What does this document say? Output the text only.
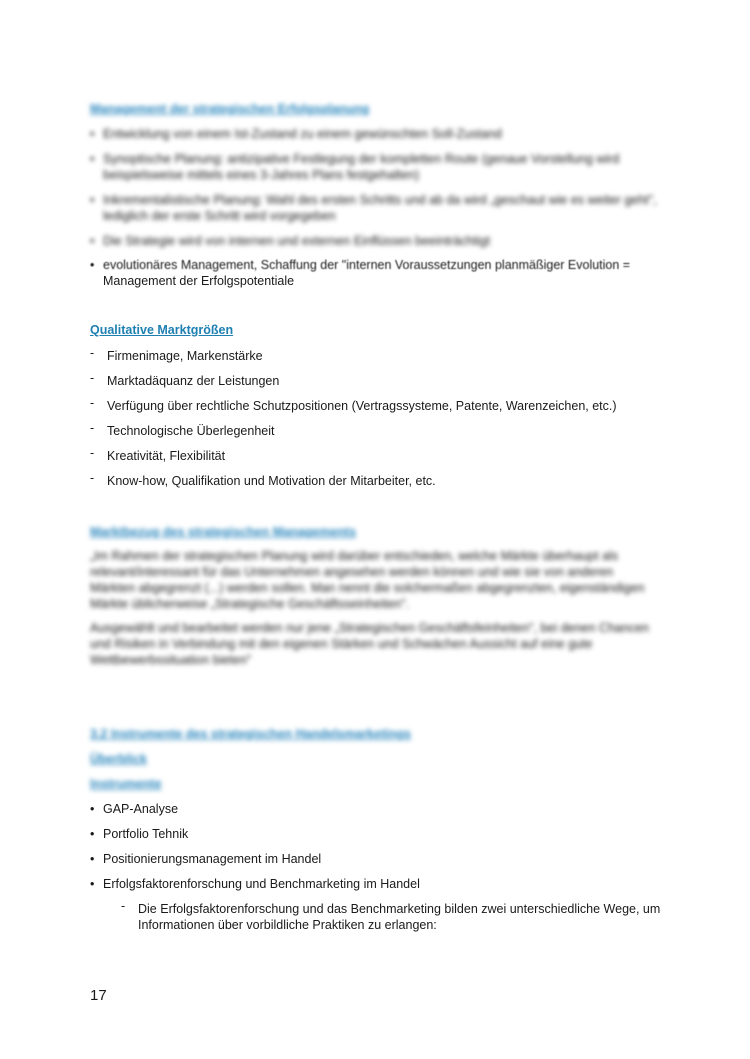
Management der strategischen Erfolgsplanung
• Entwicklung von einem Ist-Zustand zu einem gewünschten Soll-Zustand
• Synoptische Planung: antizipative Festlegung der kompletten Route (genaue Vorstellung wird beispielsweise mittels eines 3-Jahres Plans festgehalten)
• Inkrementalistische Planung: Wahl des ersten Schritts und ab da wird „geschaut wie es weiter geht", lediglich der erste Schritt wird vorgegeben
• Die Strategie wird von internen und externen Einflüssen beeinträchtigt
• evolutionäres Management, Schaffung der "internen Voraussetzungen planmäßiger Evolution =
Management der Erfolgspotentiale
Qualitative Marktgrößen
- Firmenimage, Markenstärke
- Marktadäquanz der Leistungen
- Verfügung über rechtliche Schutzpositionen (Vertragssysteme, Patente, Warenzeichen, etc.)
- Technologische Überlegenheit
- Kreativität, Flexibilität
- Know-how, Qualifikation und Motivation der Mitarbeiter, etc.
Marktbezug des strategischen Managements
„Im Rahmen der strategischen Planung wird darüber entschieden, welche Märkte überhaupt als relevant/interessant für das Unternehmen angesehen werden können und wie sie von anderen Märkten abgegrenzt (...) werden sollen. Man nennt die solchermaßen abgegrenzten, eigenständigen Märkte üblicherweise „Strategische Geschäftsseinheiten".
Ausgewählt und bearbeitet werden nur jene „Strategischen Geschäftsfeinheiten", bei denen Chancen und Risiken in Verbindung mit den eigenen Stärken und Schwächen Aussicht auf eine gute Wettbewerbssituation bieten"
3.2 Instrumente des strategischen Handelsmarketings
Überblick
Instrumente
• GAP-Analyse
• Portfolio Tehnik
• Positionierungsmanagement im Handel
• Erfolgsfaktorenforschung und Benchmarketing im Handel
- Die Erfolgsfaktorenforschung und das Benchmarketing bilden zwei unterschiedliche Wege, um Informationen über vorbildliche Praktiken zu erlangen:
17
